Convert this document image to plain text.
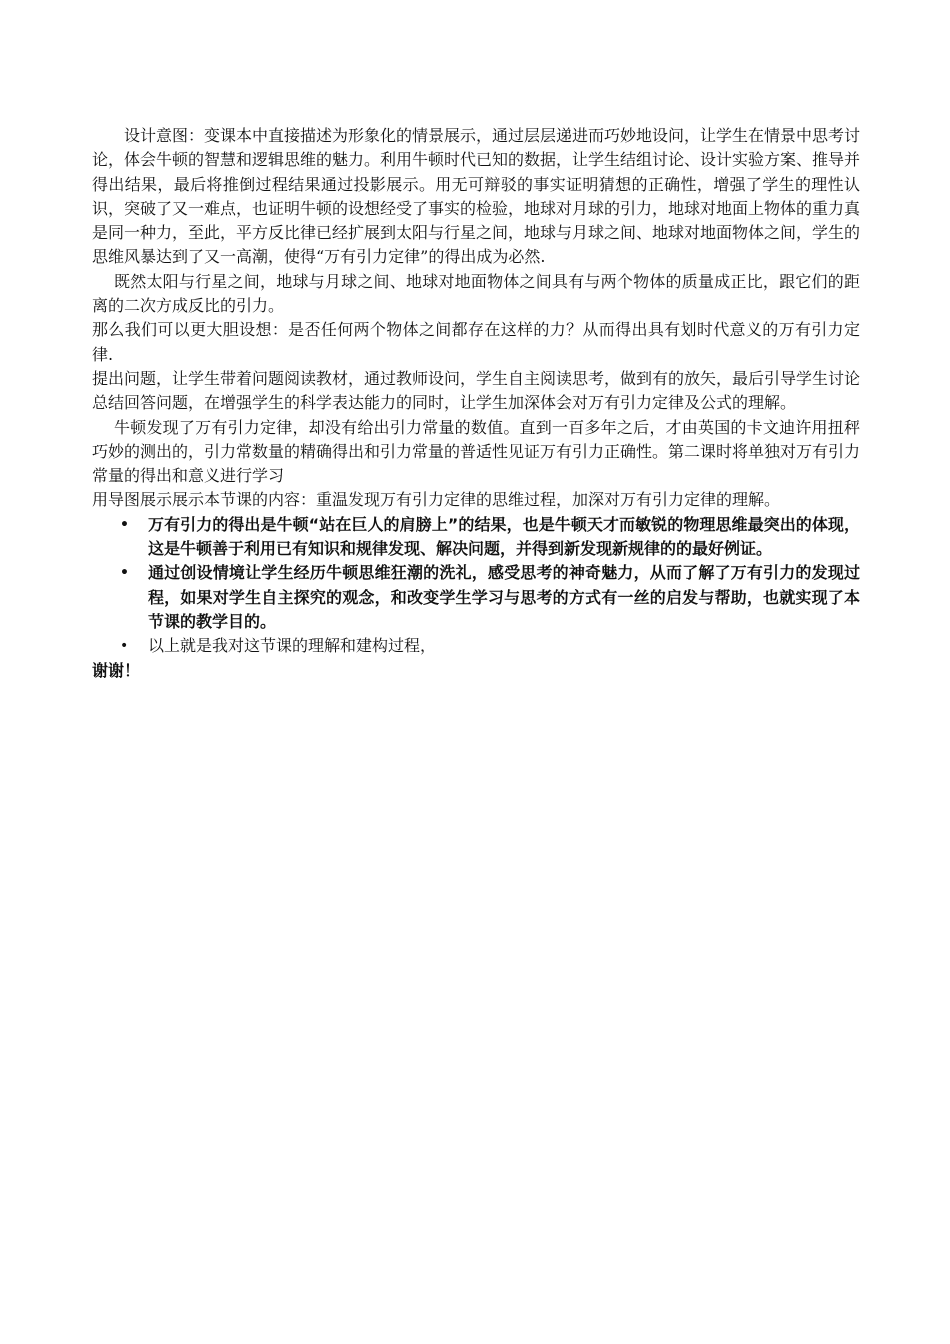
设计意图：变课本中直接描述为形象化的情景展示，通过层层递进而巧妙地设问，让学生在情景中思考讨论，体会牛顿的智慧和逻辑思维的魅力。利用牛顿时代已知的数据，让学生结组讨论、设计实验方案、推导并得出结果，最后将推倒过程结果通过投影展示。用无可辩驳的事实证明猜想的正确性，增强了学生的理性认识，突破了又一难点，也证明牛顿的设想经受了事实的检验，地球对月球的引力，地球对地面上物体的重力真是同一种力，至此，平方反比律已经扩展到太阳与行星之间，地球与月球之间、地球对地面物体之间，学生的思维风暴达到了又一高潮，使得“万有引力定律”的得出成为必然.

既然太阳与行星之间，地球与月球之间、地球对地面物体之间具有与两个物体的质量成正比，跟它们的距离的二次方成反比的引力。

那么我们可以更大胆设想：是否任何两个物体之间都存在这样的力？从而得出具有划时代意义的万有引力定律.

提出问题，让学生带着问题阅读教材，通过教师设问，学生自主阅读思考，做到有的放矢，最后引导学生讨论总结回答问题，在增强学生的科学表达能力的同时，让学生加深体会对万有引力定律及公式的理解。

牛顿发现了万有引力定律，却没有给出引力常量的数值。直到一百多年之后，才由英国的卡文迪许用扭秤巧妙的测出的，引力常数量的精确得出和引力常量的普适性见证万有引力正确性。第二课时将单独对万有引力常量的得出和意义进行学习

用导图展示展示本节课的内容：重温发现万有引力定律的思维过程，加深对万有引力定律的理解。

• 万有引力的得出是牛顿“站在巨人的肩膀上”的结果，也是牛顿天才而敏锐的物理思维最突出的体现，这是牛顿善于利用已有知识和规律发现、解决问题，并得到新发现新规律的的最好例证。
• 通过创设情境让学生经历牛顿思维狂潮的洗礼，感受思考的神奇魅力，从而了解了万有引力的发现过程，如果对学生自主探究的观念，和改变学生学习与思考的方式有一丝的启发与帮助，也就实现了本节课的教学目的。
• 以上就是我对这节课的理解和建构过程，

谢谢！
